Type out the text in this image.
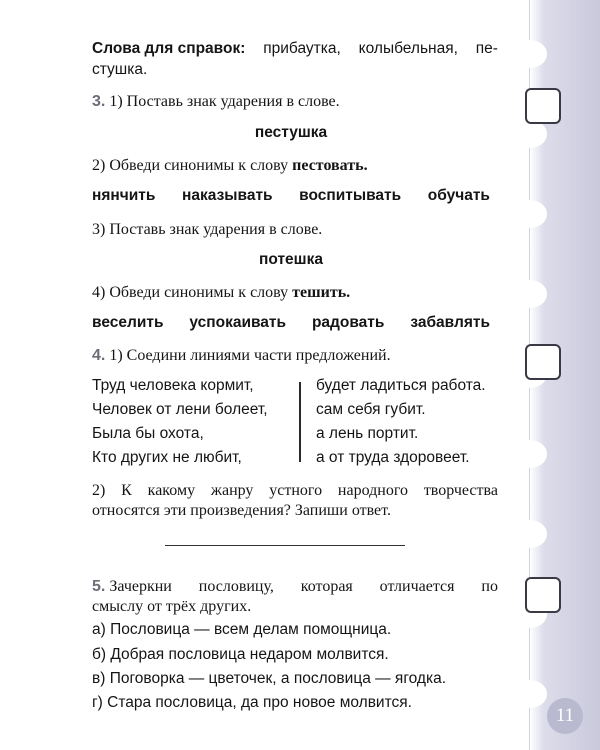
Слова для справок: прибаутка, колыбельная, пе-
стушка.
3. 1) Поставь знак ударения в слове.
пестушка
2) Обведи синонимы к слову пестовать.
нянчить наказывать воспитывать обучать
3) Поставь знак ударения в слове.
потешка
4) Обведи синонимы к слову тешить.
веселить успокаивать радовать забавлять
4. 1) Соедини линиями части предложений.
Труд человека кормит,
Человек от лени болеет,
Была бы охота,
Кто других не любит,
будет ладиться работа.
сам себя губит.
а лень портит.
а от труда здоровеет.
2) К какому жанру устного народного творчества
относятся эти произведения? Запиши ответ.
5. Зачеркни пословицу, которая отличается по
смыслу от трёх других.
а) Пословица — всем делам помощница.
б) Добрая пословица недаром молвится.
в) Поговорка — цветочек, а пословица — ягодка.
г) Стара пословица, да про новое молвится.
11
